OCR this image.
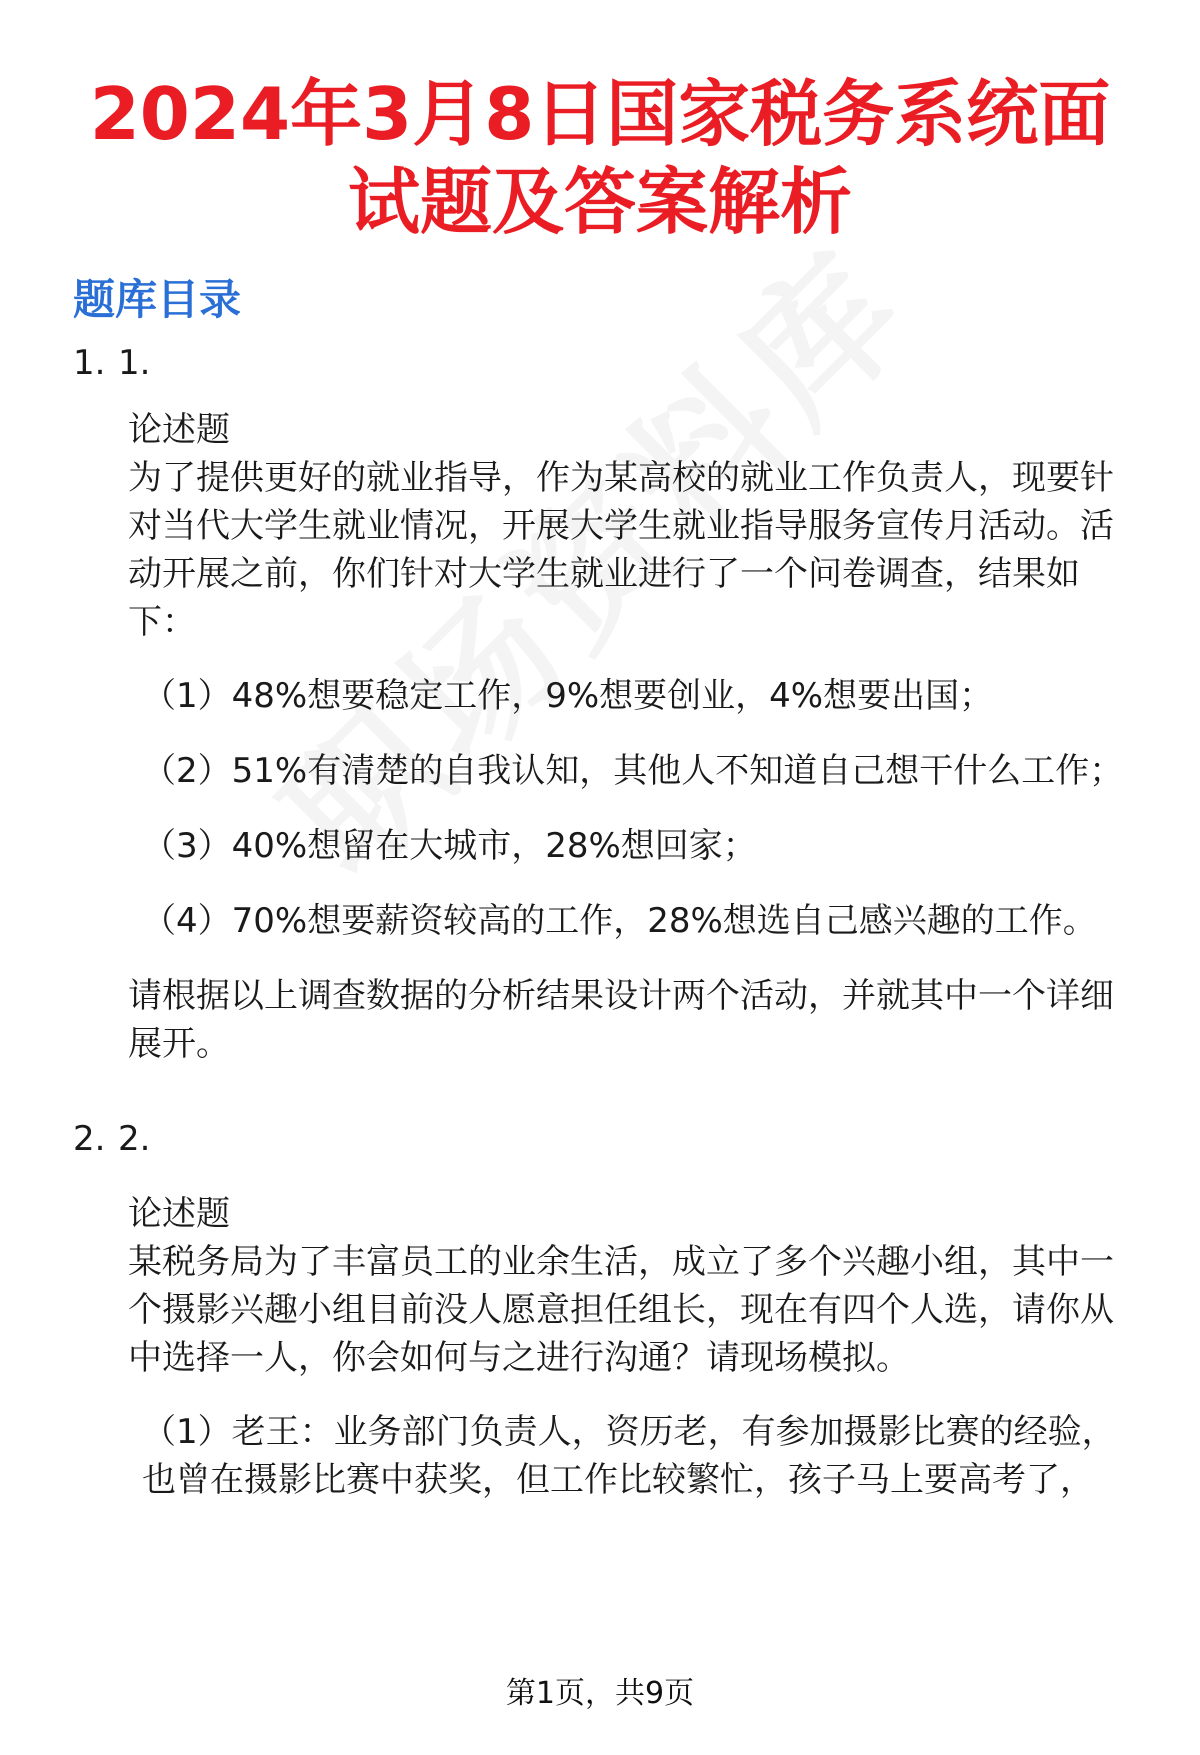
2024年3月8日国家税务系统面试题及答案解析
题库目录
1. 1.

论述题

为了提供更好的就业指导，作为某高校的就业工作负责人，现要针对当代大学生就业情况，开展大学生就业指导服务宣传月活动。活动开展之前，你们针对大学生就业进行了一个问卷调查，结果如下：

（1）48%想要稳定工作，9%想要创业，4%想要出国；

（2）51%有清楚的自我认知，其他人不知道自己想干什么工作；

（3）40%想留在大城市，28%想回家；

（4）70%想要薪资较高的工作，28%想选自己感兴趣的工作。

请根据以上调查数据的分析结果设计两个活动，并就其中一个详细展开。

2. 2.

论述题

某税务局为了丰富员工的业余生活，成立了多个兴趣小组，其中一个摄影兴趣小组目前没人愿意担任组长，现在有四个人选，请你从中选择一人，你会如何与之进行沟通？请现场模拟。

（1）老王：业务部门负责人，资历老，有参加摄影比赛的经验，也曾在摄影比赛中获奖，但工作比较繁忙，孩子马上要高考了，

第1页，共9页
